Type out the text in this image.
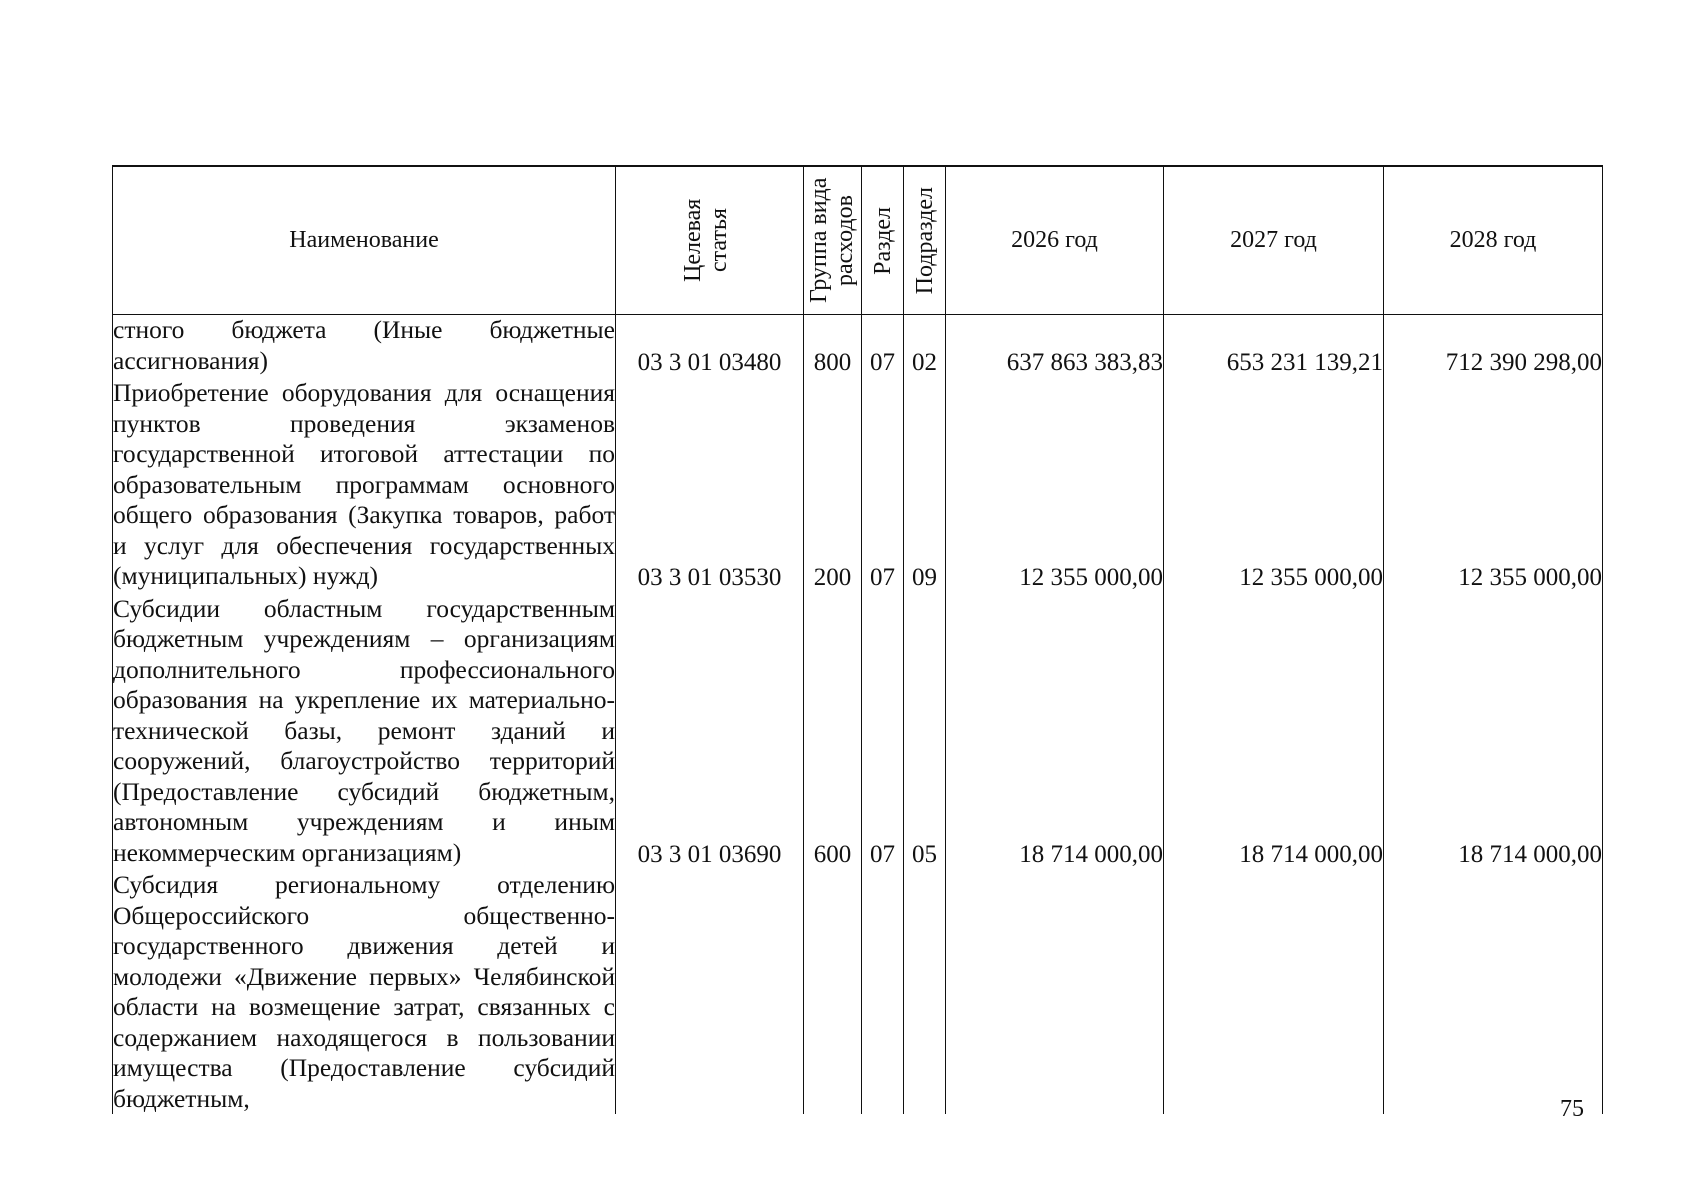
Наименование	Целевая статья	Группа вида расходов	Раздел	Подраздел	2026 год	2027 год	2028 год

стного бюджета (Иные бюджетные ассигнования)	03 3 01 03480	800	07	02	637 863 383,83	653 231 139,21	712 390 298,00

Приобретение оборудования для оснащения пунктов проведения экзаменов государственной итоговой аттестации по образовательным программам основного общего образования (Закупка товаров, работ и услуг для обеспечения государственных (муниципальных) нужд)	03 3 01 03530	200	07	09	12 355 000,00	12 355 000,00	12 355 000,00

Субсидии областным государственным бюджетным учреждениям – организациям дополнительного профессионального образования на укрепление их материально-технической базы, ремонт зданий и сооружений, благоустройство территорий (Предоставление субсидий бюджетным, автономным учреждениям и иным некоммерческим организациям)	03 3 01 03690	600	07	05	18 714 000,00	18 714 000,00	18 714 000,00

Субсидия региональному отделению Общероссийского общественно-государственного движения детей и молодежи «Движение первых» Челябинской области на возмещение затрат, связанных с содержанием находящегося в пользовании имущества (Предоставление субсидий бюджетным,							

		75
